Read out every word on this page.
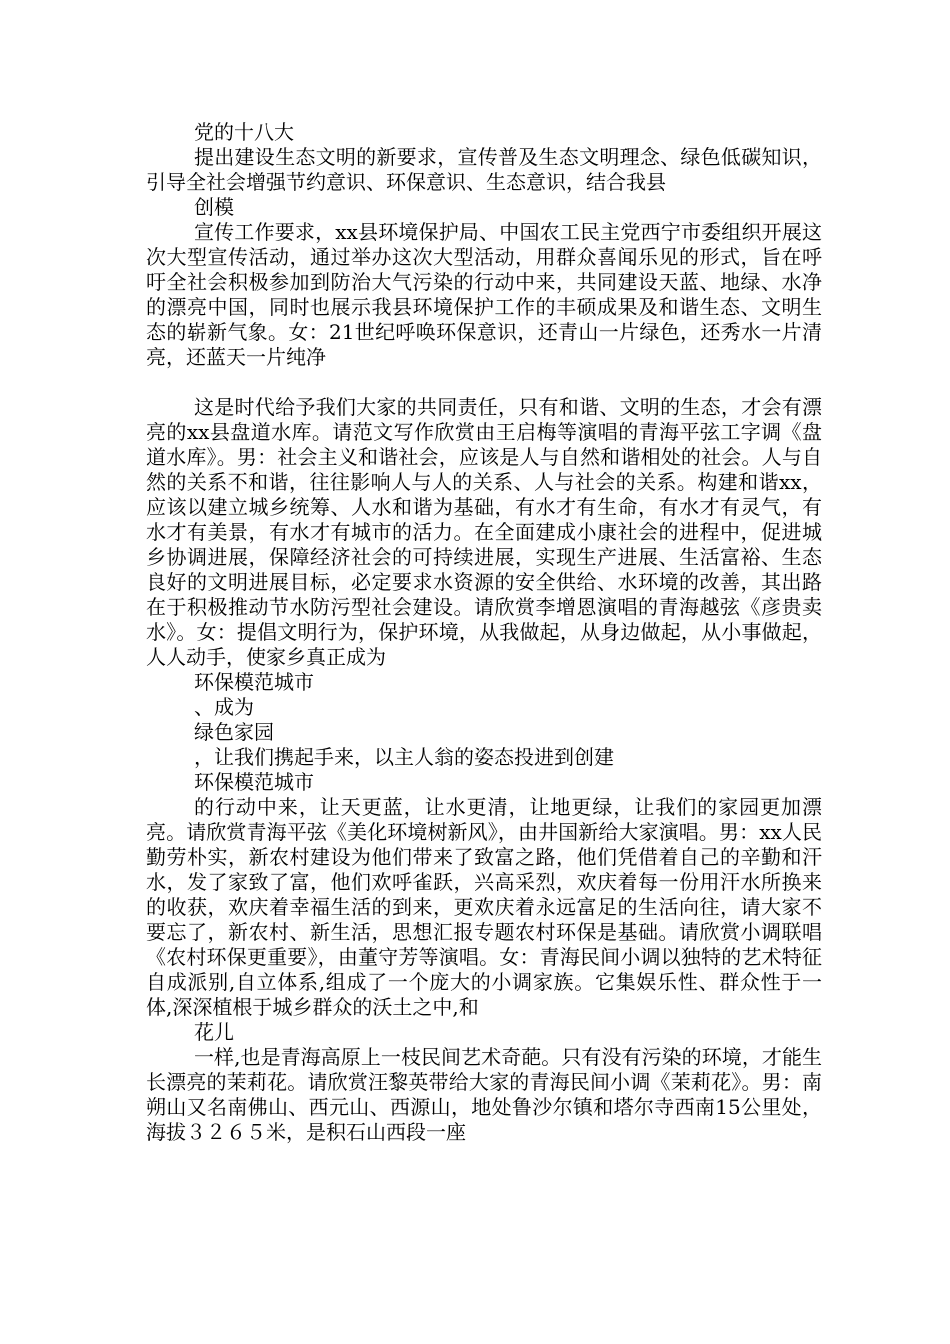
党的十八大

提出建设生态文明的新要求，宣传普及生态文明理念、绿色低碳知识，引导全社会增强节约意识、环保意识、生态意识，结合我县

创模

宣传工作要求，xx县环境保护局、中国农工民主党西宁市委组织开展这次大型宣传活动，通过举办这次大型活动，用群众喜闻乐见的形式，旨在呼吁全社会积极参加到防治大气污染的行动中来，共同建设天蓝、地绿、水净的漂亮中国，同时也展示我县环境保护工作的丰硕成果及和谐生态、文明生态的崭新气象。女：21世纪呼唤环保意识，还青山一片绿色，还秀水一片清亮，还蓝天一片纯净

这是时代给予我们大家的共同责任，只有和谐、文明的生态，才会有漂亮的xx县盘道水库。请范文写作欣赏由王启梅等演唱的青海平弦工字调《盘道水库》。男：社会主义和谐社会，应该是人与自然和谐相处的社会。人与自然的关系不和谐，往往影响人与人的关系、人与社会的关系。构建和谐xx，应该以建立城乡统筹、人水和谐为基础，有水才有生命，有水才有灵气，有水才有美景，有水才有城市的活力。在全面建成小康社会的进程中，促进城乡协调进展，保障经济社会的可持续进展，实现生产进展、生活富裕、生态良好的文明进展目标，必定要求水资源的安全供给、水环境的改善，其出路在于积极推动节水防污型社会建设。请欣赏李增恩演唱的青海越弦《彦贵卖水》。女：提倡文明行为，保护环境，从我做起，从身边做起，从小事做起，人人动手，使家乡真正成为

环保模范城市

、成为

绿色家园

，让我们携起手来，以主人翁的姿态投进到创建

环保模范城市

的行动中来，让天更蓝，让水更清，让地更绿，让我们的家园更加漂亮。请欣赏青海平弦《美化环境树新风》，由井国新给大家演唱。男：xx人民勤劳朴实，新农村建设为他们带来了致富之路，他们凭借着自己的辛勤和汗水，发了家致了富，他们欢呼雀跃，兴高采烈，欢庆着每一份用汗水所换来的收获，欢庆着幸福生活的到来，更欢庆着永远富足的生活向往，请大家不要忘了，新农村、新生活，思想汇报专题农村环保是基础。请欣赏小调联唱《农村环保更重要》，由董守芳等演唱。女：青海民间小调以独特的艺术特征自成派别,自立体系,组成了一个庞大的小调家族。它集娱乐性、群众性于一体,深深植根于城乡群众的沃土之中,和

花儿

一样,也是青海高原上一枝民间艺术奇葩。只有没有污染的环境，才能生长漂亮的茉莉花。请欣赏汪黎英带给大家的青海民间小调《茉莉花》。男：南朔山又名南佛山、西元山、西源山，地处鲁沙尔镇和塔尔寺西南15公里处，海拔３２６５米，是积石山西段一座
